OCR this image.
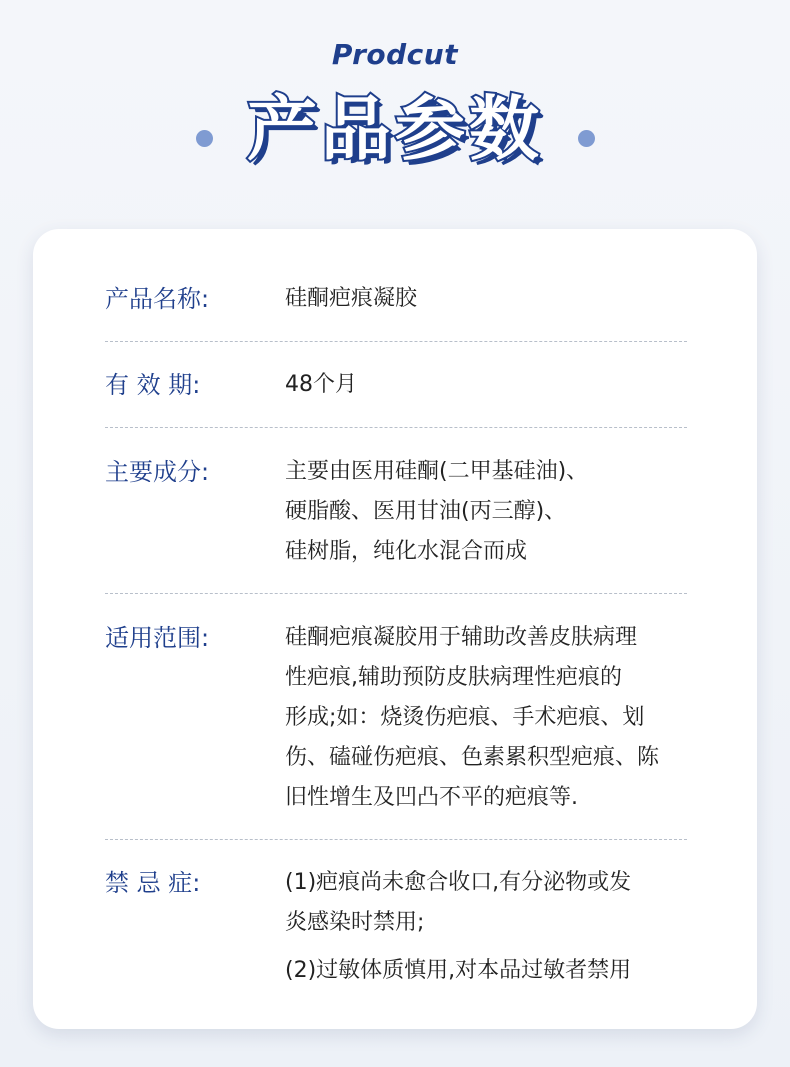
Prodcut
产品参数
产品名称:	硅酮疤痕凝胶

有 效 期:	48个月

主要成分:	主要由医用硅酮(二甲基硅油)、

硬脂酸、医用甘油(丙三醇)、

硅树脂，纯化水混合而成

适用范围:	硅酮疤痕凝胶用于辅助改善皮肤病理

性疤痕,辅助预防皮肤病理性疤痕的

形成;如：烧烫伤疤痕、手术疤痕、划

伤、磕碰伤疤痕、色素累积型疤痕、陈

旧性增生及凹凸不平的疤痕等.

禁 忌 症:	(1)疤痕尚未愈合收口,有分泌物或发

炎感染时禁用;

(2)过敏体质慎用,对本品过敏者禁用
